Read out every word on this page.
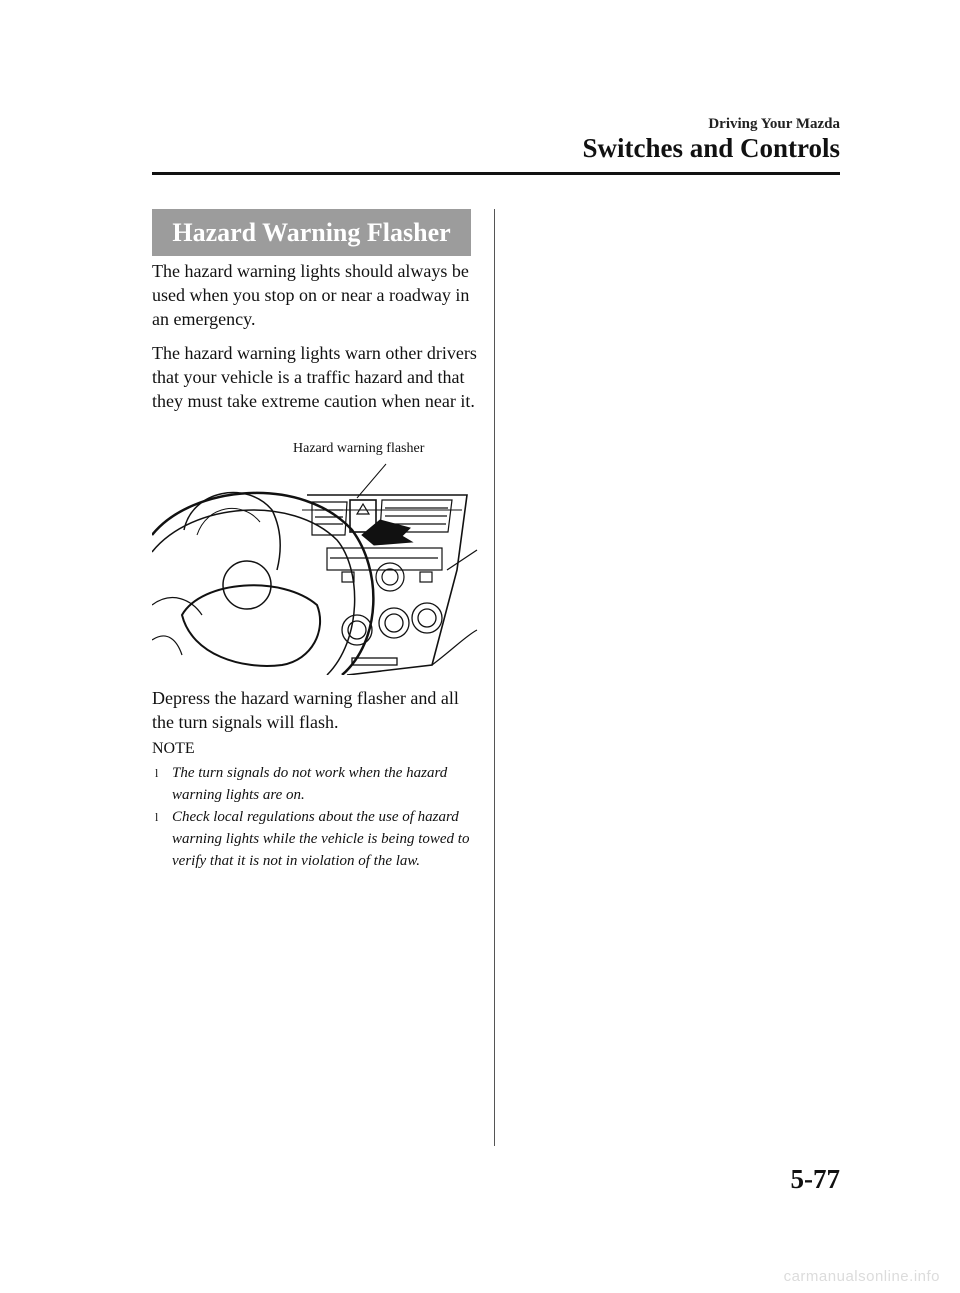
Driving Your Mazda
Switches and Controls
Hazard Warning Flasher

The hazard warning lights should always be used when you stop on or near a roadway in an emergency.

The hazard warning lights warn other drivers that your vehicle is a traffic hazard and that they must take extreme caution when near it.

Hazard warning flasher

Depress the hazard warning flasher and all the turn signals will flash.

NOTE
l The turn signals do not work when the hazard warning lights are on.
l Check local regulations about the use of hazard warning lights while the vehicle is being towed to verify that it is not in violation of the law.
5-77
carmanualsonline.info
